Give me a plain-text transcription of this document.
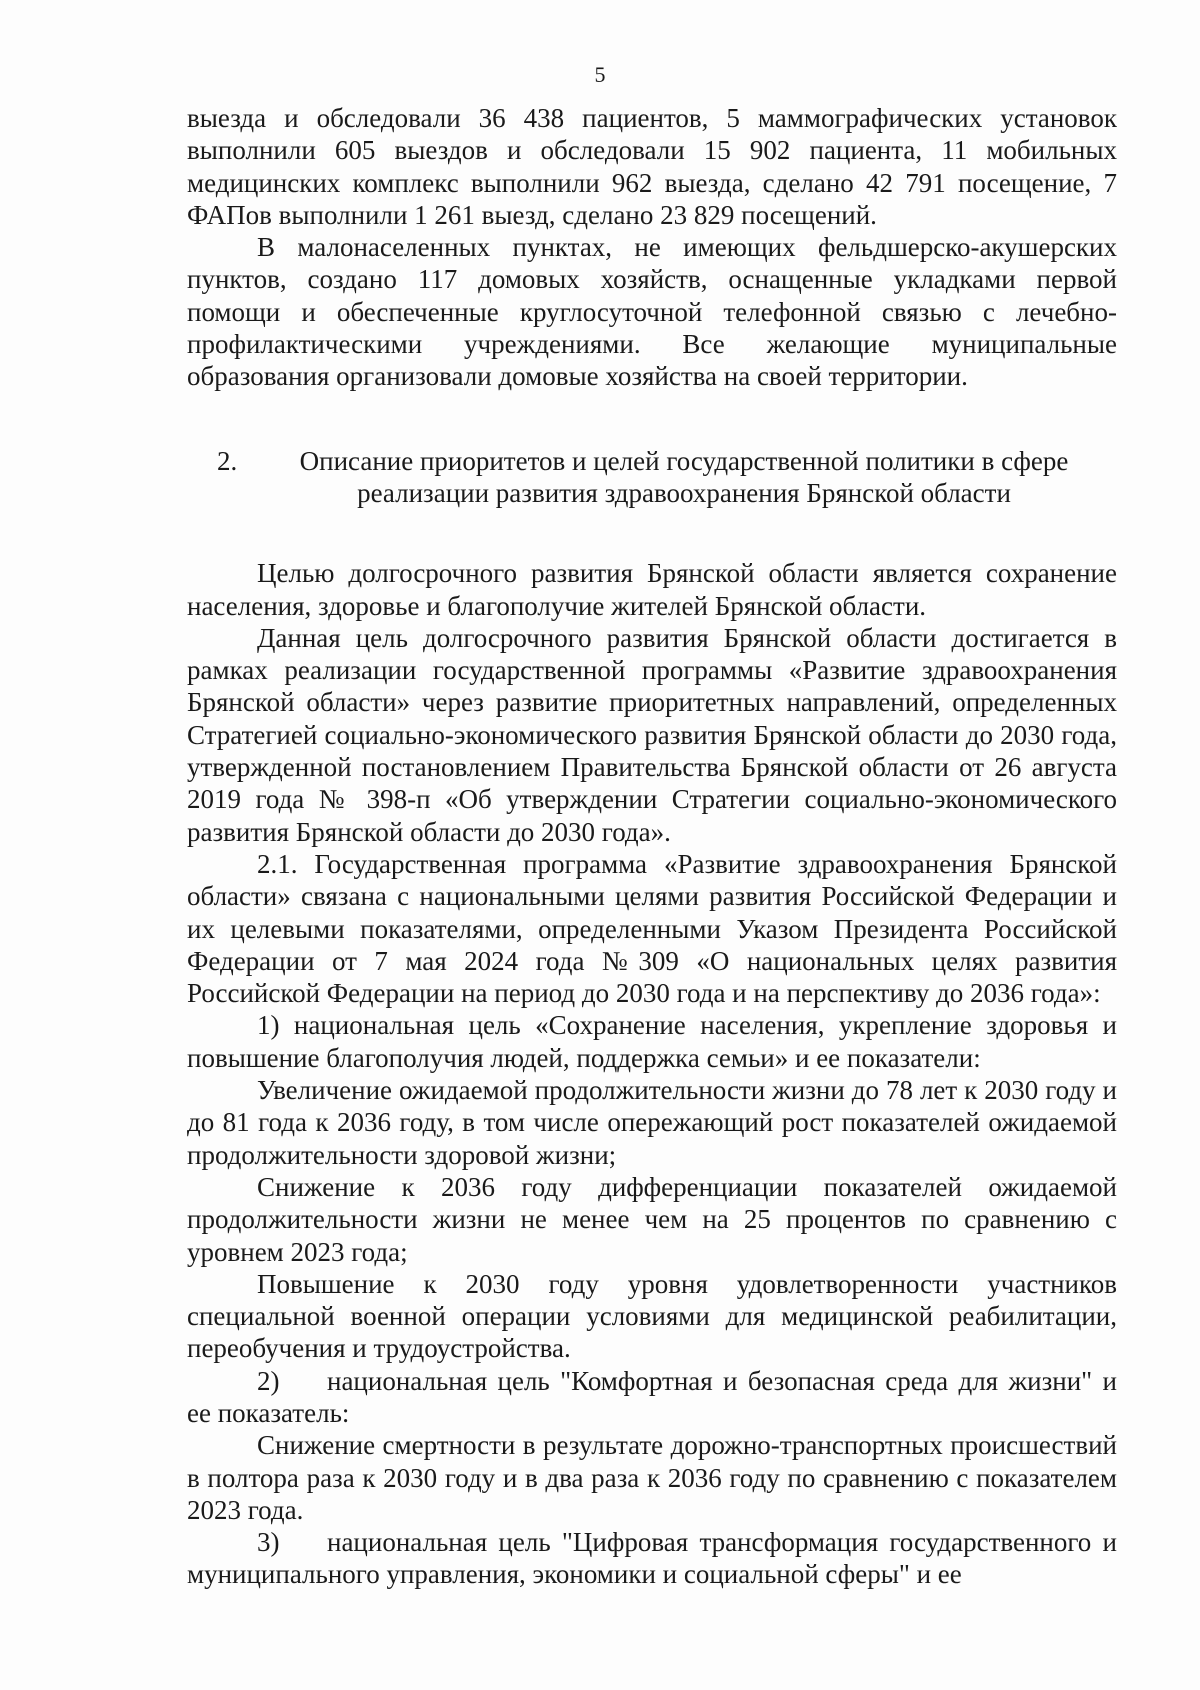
5

выезда и обследовали 36 438 пациентов, 5 маммографических установок выполнили 605 выездов и обследовали 15 902 пациента, 11 мобильных медицинских комплекс выполнили 962 выезда, сделано 42 791 посещение, 7 ФАПов выполнили 1 261 выезд, сделано 23 829 посещений.

В малонаселенных пунктах, не имеющих фельдшерско-акушерских пунктов, создано 117 домовых хозяйств, оснащенные укладками первой помощи и обеспеченные круглосуточной телефонной связью с лечебно-профилактическими учреждениями. Все желающие муниципальные образования организовали домовые хозяйства на своей территории.

2.	Описание приоритетов и целей государственной политики в сфере
реализации развития здравоохранения Брянской области

Целью долгосрочного развития Брянской области является сохранение населения, здоровье и благополучие жителей Брянской области.

Данная цель долгосрочного развития Брянской области достигается в рамках реализации государственной программы «Развитие здравоохранения Брянской области» через развитие приоритетных направлений, определенных Стратегией социально-экономического развития Брянской области до 2030 года, утвержденной постановлением Правительства Брянской области от 26 августа 2019 года № 398-п «Об утверждении Стратегии социально-экономического развития Брянской области до 2030 года».

2.1. Государственная программа «Развитие здравоохранения Брянской области» связана с национальными целями развития Российской Федерации и их целевыми показателями, определенными Указом Президента Российской Федерации от 7 мая 2024 года №309 «О национальных целях развития Российской Федерации на период до 2030 года и на перспективу до 2036 года»:

1) национальная цель «Сохранение населения, укрепление здоровья и повышение благополучия людей, поддержка семьи» и ее показатели:

Увеличение ожидаемой продолжительности жизни до 78 лет к 2030 году и до 81 года к 2036 году, в том числе опережающий рост показателей ожидаемой продолжительности здоровой жизни;

Снижение к 2036 году дифференциации показателей ожидаемой продолжительности жизни не менее чем на 25 процентов по сравнению с уровнем 2023 года;

Повышение к 2030 году уровня удовлетворенности участников специальной военной операции условиями для медицинской реабилитации, переобучения и трудоустройства.

2) национальная цель "Комфортная и безопасная среда для жизни" и ее показатель:

Снижение смертности в результате дорожно-транспортных происшествий в полтора раза к 2030 году и в два раза к 2036 году по сравнению с показателем 2023 года.

3) национальная цель "Цифровая трансформация государственного и муниципального управления, экономики и социальной сферы" и ее
